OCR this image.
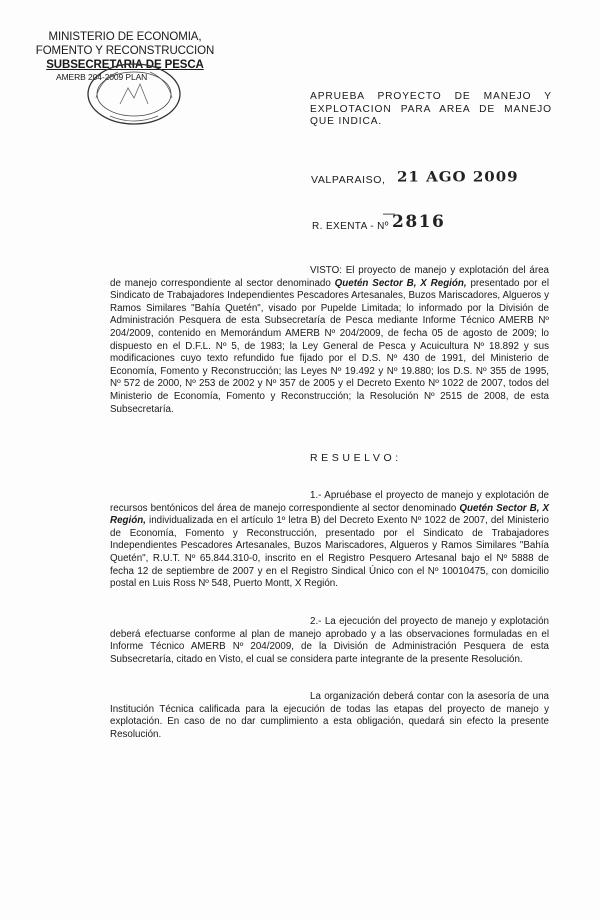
MINISTERIO DE ECONOMIA,
FOMENTO Y RECONSTRUCCION
SUBSECRETARIA DE PESCA
AMERB 204-2009 PLAN
APRUEBA PROYECTO DE MANEJO Y EXPLOTACION PARA AREA DE MANEJO QUE INDICA.
VALPARAISO, 21 AGO 2009
—
R. EXENTA - Nº 2816

VISTO: El proyecto de manejo y explotación del área de manejo correspondiente al sector denominado Quetén Sector B, X Región, presentado por el Sindicato de Trabajadores Independientes Pescadores Artesanales, Buzos Mariscadores, Algueros y Ramos Similares "Bahía Quetén", visado por Pupelde Limitada; lo informado por la División de Administración Pesquera de esta Subsecretaría de Pesca mediante Informe Técnico AMERB Nº 204/2009, contenido en Memorándum AMERB Nº 204/2009, de fecha 05 de agosto de 2009; lo dispuesto en el D.F.L. Nº 5, de 1983; la Ley General de Pesca y Acuicultura Nº 18.892 y sus modificaciones cuyo texto refundido fue fijado por el D.S. Nº 430 de 1991, del Ministerio de Economía, Fomento y Reconstrucción; las Leyes Nº 19.492 y Nº 19.880; los D.S. Nº 355 de 1995, Nº 572 de 2000, Nº 253 de 2002 y Nº 357 de 2005 y el Decreto Exento Nº 1022 de 2007, todos del Ministerio de Economía, Fomento y Reconstrucción; la Resolución Nº 2515 de 2008, de esta Subsecretaría.

RESUELVO:

1.- Apruébase el proyecto de manejo y explotación de recursos bentónicos del área de manejo correspondiente al sector denominado Quetén Sector B, X Región, individualizada en el artículo 1º letra B) del Decreto Exento Nº 1022 de 2007, del Ministerio de Economía, Fomento y Reconstrucción, presentado por el Sindicato de Trabajadores Independientes Pescadores Artesanales, Buzos Mariscadores, Algueros y Ramos Similares "Bahía Quetén", R.U.T. Nº 65.844.310-0, inscrito en el Registro Pesquero Artesanal bajo el Nº 5888 de fecha 12 de septiembre de 2007 y en el Registro Sindical Único con el Nº 10010475, con domicilio postal en Luis Ross Nº 548, Puerto Montt, X Región.

2.- La ejecución del proyecto de manejo y explotación deberá efectuarse conforme al plan de manejo aprobado y a las observaciones formuladas en el Informe Técnico AMERB Nº 204/2009, de la División de Administración Pesquera de esta Subsecretaría, citado en Visto, el cual se considera parte integrante de la presente Resolución.

La organización deberá contar con la asesoría de una Institución Técnica calificada para la ejecución de todas las etapas del proyecto de manejo y explotación. En caso de no dar cumplimiento a esta obligación, quedará sin efecto la presente Resolución.
